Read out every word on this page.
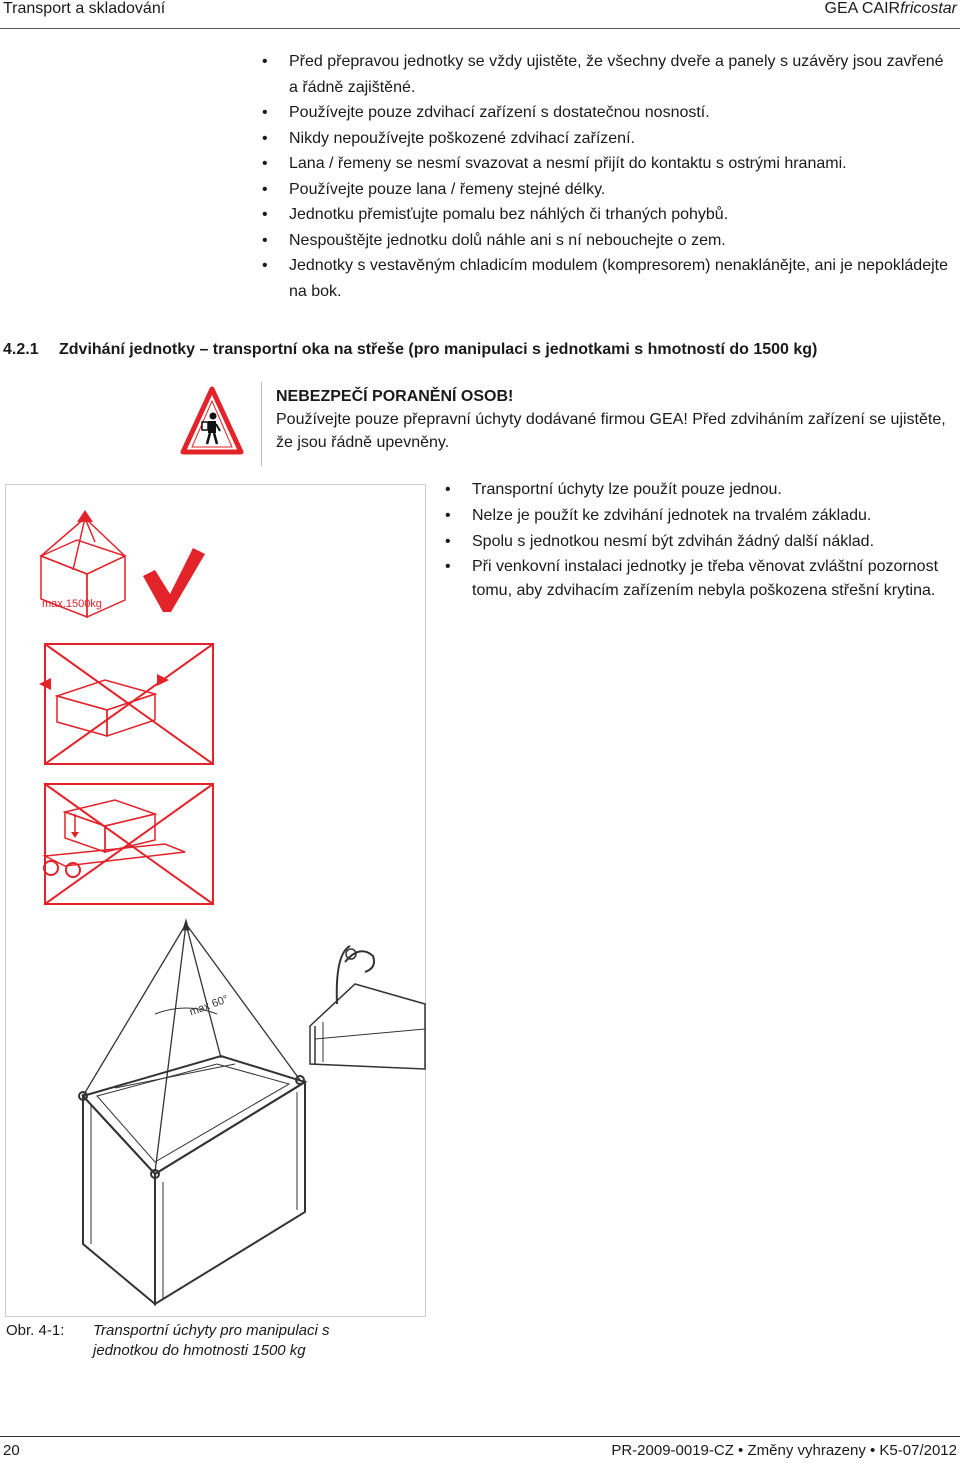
Transport a skladování	GEA CAIRfricostar
• Před přepravou jednotky se vždy ujistěte, že všechny dveře a panely s uzávěry jsou zavřené a řádně zajištěné.
• Používejte pouze zdvihací zařízení s dostatečnou nosností.
• Nikdy nepoužívejte poškozené zdvihací zařízení.
• Lana / řemeny se nesmí svazovat a nesmí přijít do kontaktu s ostrými hranami.
• Používejte pouze lana / řemeny stejné délky.
• Jednotku přemisťujte pomalu bez náhlých či trhaných pohybů.
• Nespouštějte jednotku dolů náhle ani s ní nebouchejte o zem.
• Jednotky s vestavěným chladicím modulem (kompresorem) nenaklánějte, ani je nepokládejte na bok.
4.2.1 Zdvihání jednotky – transportní oka na střeše (pro manipulaci s jednotkami s hmotností do 1500 kg)
NEBEZPEČÍ PORANĚNÍ OSOB!
Používejte pouze přepravní úchyty dodávané firmou GEA! Před zdviháním zařízení se ujistěte, že jsou řádně upevněny.
• Transportní úchyty lze použít pouze jednou.
• Nelze je použít ke zdvihání jednotek na trvalém základu.
• Spolu s jednotkou nesmí být zdvihán žádný další náklad.
• Při venkovní instalaci jednotky je třeba věnovat zvláštní pozornost tomu, aby zdvihacím zařízením nebyla poškozena střešní krytina.
max.1500kg
max 60°
Obr. 4-1: Transportní úchyty pro manipulaci s jednotkou do hmotnosti 1500 kg
20	PR-2009-0019-CZ • Změny vyhrazeny • K5-07/2012
